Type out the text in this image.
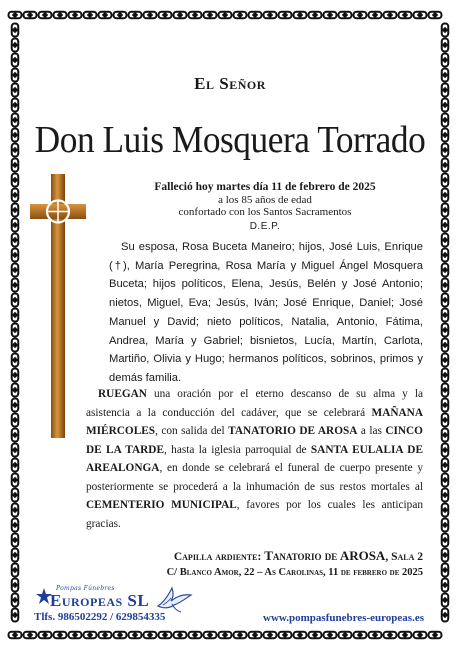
El Señor
Don Luis Mosquera Torrado
Falleció hoy martes día 11 de febrero de 2025
a los 85 años de edad
confortado con los Santos Sacramentos
D.E.P.
Su esposa, Rosa Buceta Maneiro; hijos, José Luis, Enrique (†), María Peregrina, Rosa María y Miguel Ángel Mosquera Buceta; hijos políticos, Elena, Jesús, Belén y José Antonio; nietos, Miguel, Eva; Jesús, Iván; José Enrique, Daniel; José Manuel y David; nieto políticos, Natalia, Antonio, Fátima, Andrea, María y Gabriel; bisnietos, Lucía, Martín, Carlota, Martiño, Olivia y Hugo; hermanos políticos, sobrinos, primos y demás familia.
RUEGAN una oración por el eterno descanso de su alma y la asistencia a la conducción del cadáver, que se celebrará MAÑANA MIÉRCOLES, con salida del TANATORIO DE AROSA a las CINCO DE LA TARDE, hasta la iglesia parroquial de SANTA EULALIA DE AREALONGA, en donde se celebrará el funeral de cuerpo presente y posteriormente se procederá a la inhumación de sus restos mortales al CEMENTERIO MUNICIPAL, favores por los cuales les anticipan gracias.
Capilla ardiente: Tanatorio de AROSA, Sala 2
C/ Blanco Amor, 22 – As Carolinas, 11 de febrero de 2025
Pompas Fúnebres
Europeas SL
Tlfs. 986502292 / 629854335	www.pompasfunebres-europeas.es
